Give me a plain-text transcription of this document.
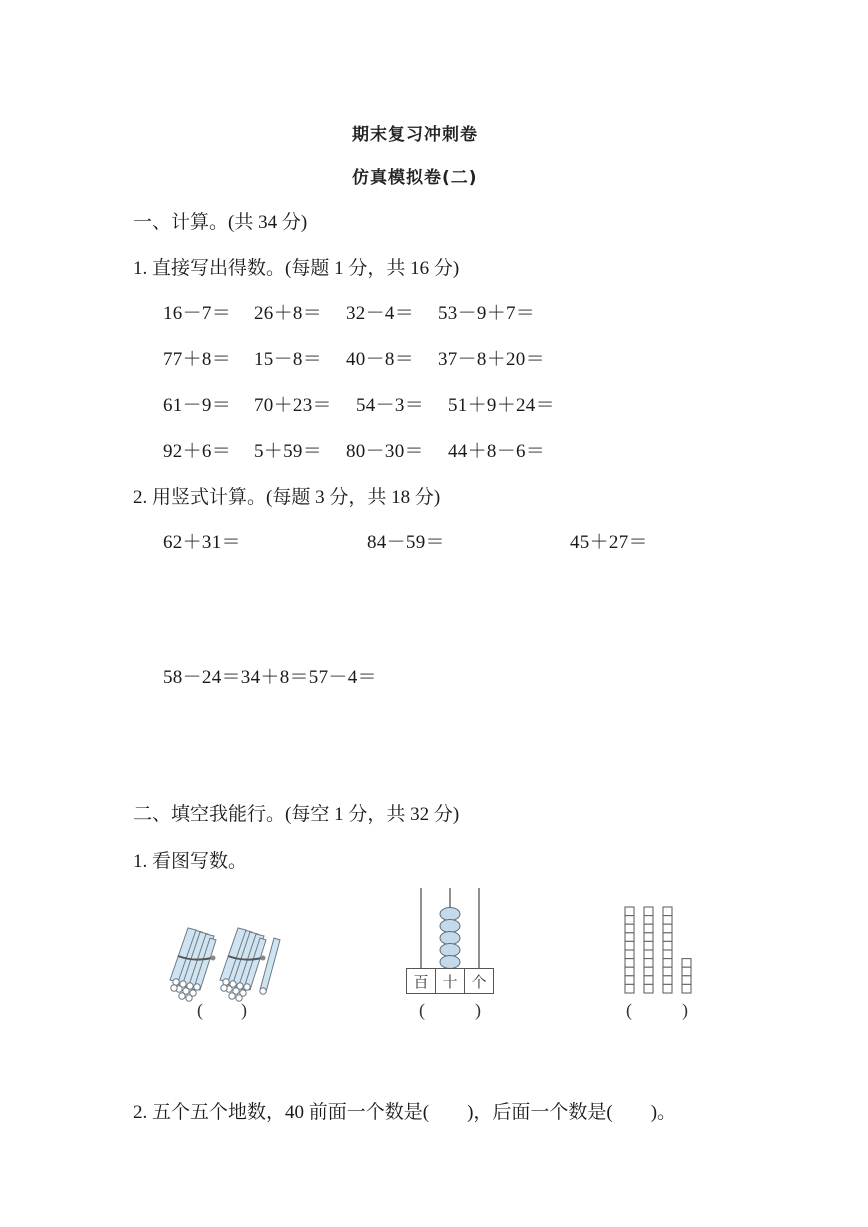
期末复习冲刺卷
仿真模拟卷(二)
一、计算。(共 34 分)
1. 直接写出得数。(每题 1 分，共 16 分)
16－7＝ 26＋8＝ 32－4＝ 53－9＋7＝
77＋8＝ 15－8＝ 40－8＝ 37－8＋20＝
61－9＝ 70＋23＝ 54－3＝ 51＋9＋24＝
92＋6＝ 5＋59＝ 80－30＝ 44＋8－6＝
2. 用竖式计算。(每题 3 分，共 18 分)
62＋31＝	84－59＝	45＋27＝
58－24＝34＋8＝57－4＝
二、填空我能行。(每空 1 分，共 32 分)
1. 看图写数。
( )
百 十 个
(	)	(	)
2. 五个五个地数，40 前面一个数是(　　)，后面一个数是(　　)。
